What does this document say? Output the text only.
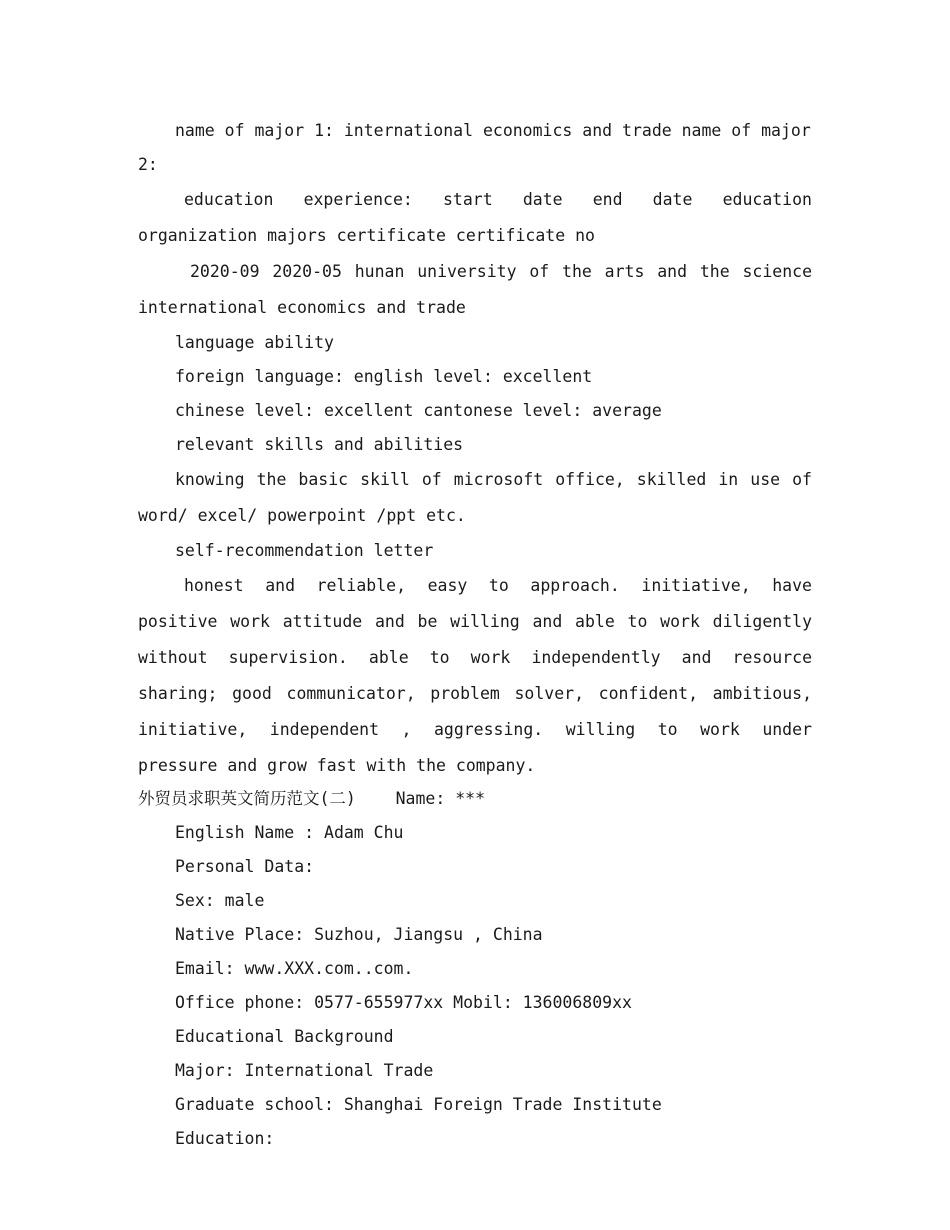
name of major 1: international economics and trade name of major 2:

education experience: start date end date education organization majors certificate certificate no

2020-09 2020-05 hunan university of the arts and the science international economics and trade

language ability

foreign language: english level: excellent

chinese level: excellent cantonese level: average

relevant skills and abilities

knowing the basic skill of microsoft office, skilled in use of word/ excel/ powerpoint /ppt etc.

self-recommendation letter

honest and reliable, easy to approach. initiative, have positive work attitude and be willing and able to work diligently without supervision. able to work independently and resource sharing; good communicator, problem solver, confident, ambitious, initiative, independent , aggressing. willing to work under pressure and grow fast with the company.

外贸员求职英文简历范文(二) Name: ***

English Name : Adam Chu

Personal Data:

Sex: male

Native Place: Suzhou, Jiangsu , China

Email: www.XXX.com..com.

Office phone: 0577-655977xx Mobil: 136006809xx

Educational Background

Major: International Trade

Graduate school: Shanghai Foreign Trade Institute

Education:
